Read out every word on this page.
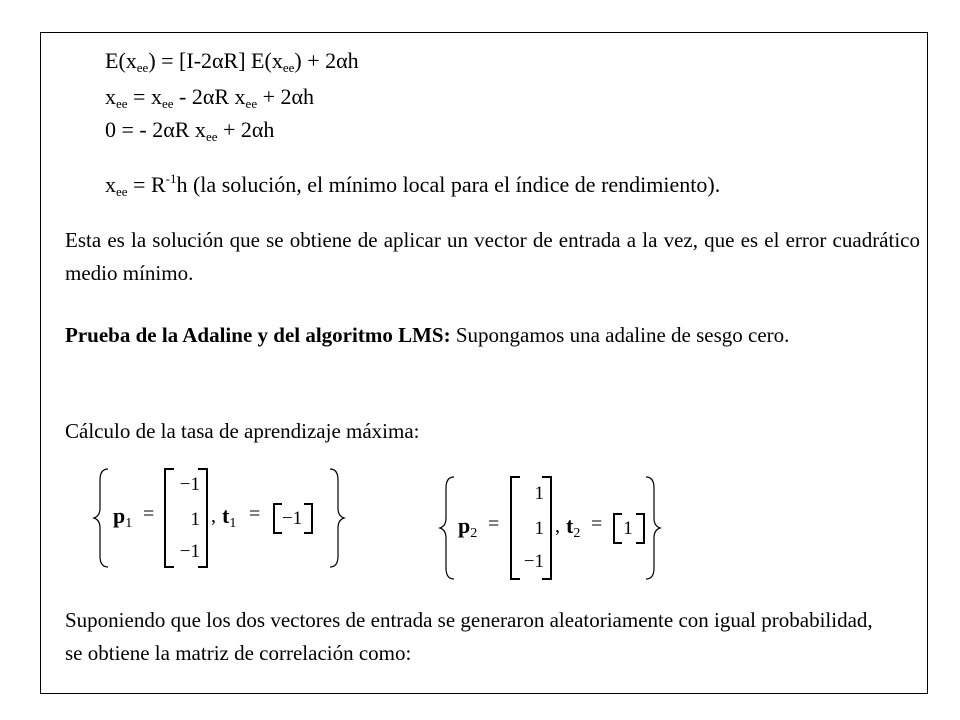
$E(x_{ee}) = [I-2\alpha R] E(x_{ee}) + 2\alpha h$
$x_{ee} = x_{ee} - 2\alpha R$ $x_{ee} + 2\alpha h$
0 = - 2αR $x_{ee} + 2\alpha h$
$x_{ee} = R^{-1}h$ (la solución, el mínimo local para el índice de rendimiento).
Esta es la solución que se obtiene de aplicar un vector de entrada a la vez, que es el error cuadrático medio mínimo.
Prueba de la Adaline y del algoritmo LMS: Supongamos una adaline de sesgo cero.
Cálculo de la tasa de aprendizaje máxima:
Suponiendo que los dos vectores de entrada se generaron aleatoriamente con igual probabilidad, se obtiene la matriz de correlación como:
p1 =
−1
1
−1
, t1 =	−1	p2 =
1
1
−1
, t2 =	1
